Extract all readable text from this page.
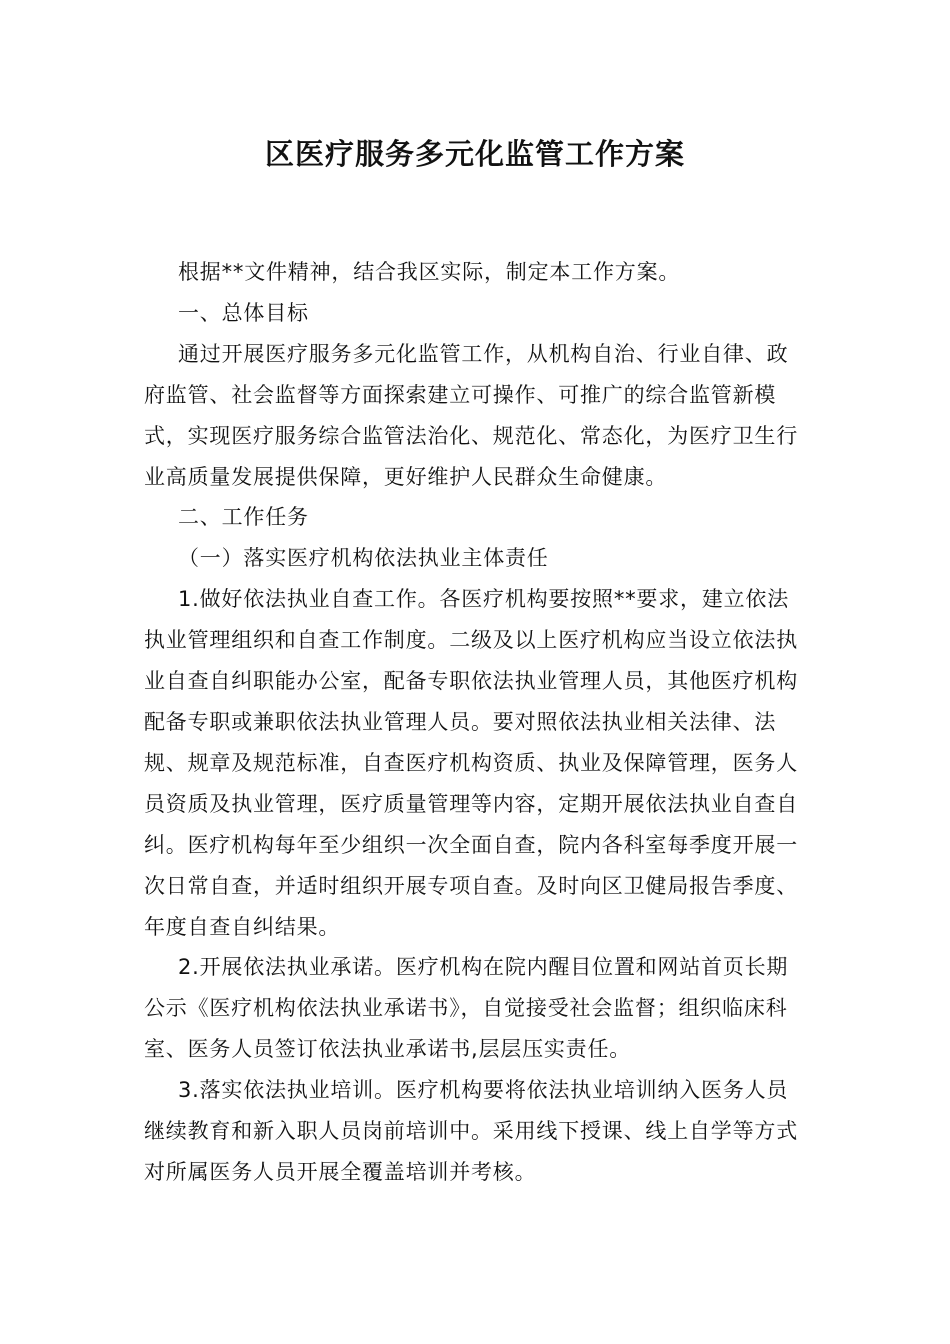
区医疗服务多元化监管工作方案

根据**文件精神，结合我区实际，制定本工作方案。

一、总体目标

通过开展医疗服务多元化监管工作，从机构自治、行业自律、政府监管、社会监督等方面探索建立可操作、可推广的综合监管新模式，实现医疗服务综合监管法治化、规范化、常态化，为医疗卫生行业高质量发展提供保障，更好维护人民群众生命健康。

二、工作任务

（一）落实医疗机构依法执业主体责任

1.做好依法执业自查工作。各医疗机构要按照**要求，建立依法执业管理组织和自查工作制度。二级及以上医疗机构应当设立依法执业自查自纠职能办公室，配备专职依法执业管理人员，其他医疗机构配备专职或兼职依法执业管理人员。要对照依法执业相关法律、法规、规章及规范标准，自查医疗机构资质、执业及保障管理，医务人员资质及执业管理，医疗质量管理等内容，定期开展依法执业自查自纠。医疗机构每年至少组织一次全面自查，院内各科室每季度开展一次日常自查，并适时组织开展专项自查。及时向区卫健局报告季度、年度自查自纠结果。

2.开展依法执业承诺。医疗机构在院内醒目位置和网站首页长期公示《医疗机构依法执业承诺书》，自觉接受社会监督；组织临床科室、医务人员签订依法执业承诺书,层层压实责任。

3.落实依法执业培训。医疗机构要将依法执业培训纳入医务人员继续教育和新入职人员岗前培训中。采用线下授课、线上自学等方式对所属医务人员开展全覆盖培训并考核。
